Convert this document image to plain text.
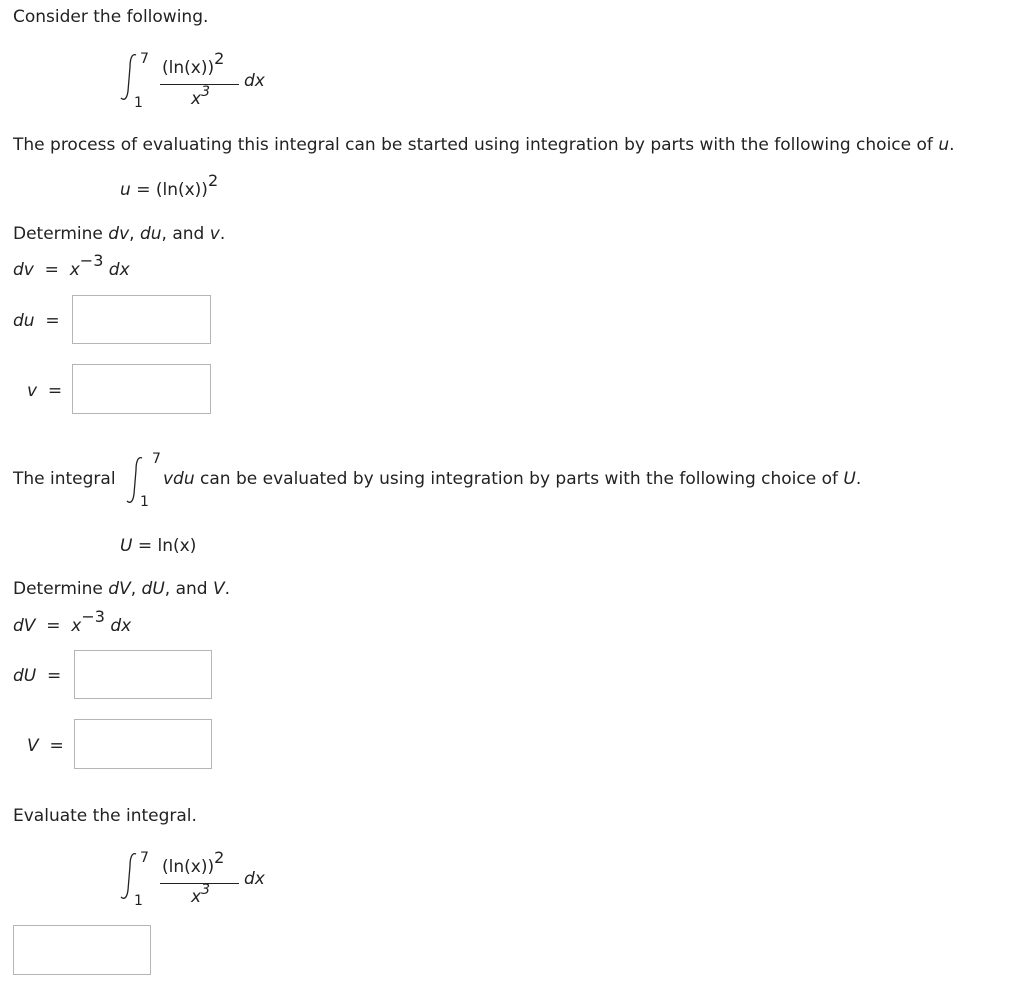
Consider the following.
7
1
(ln(x))2
$x^3$
dx
The process of evaluating this integral can be started using integration by parts with the following choice of u.
u = (ln(x))2
Determine dv, du, and v.
dv = x−3 dx
du =
v =
The integral
7
1
vdu can be evaluated by using integration by parts with the following choice of U.
U = ln(x)
Determine dV, dU, and V.
dV = x−3 dx
dU =
V =
Evaluate the integral.
7
1
(ln(x))2
$x^3$
dx
